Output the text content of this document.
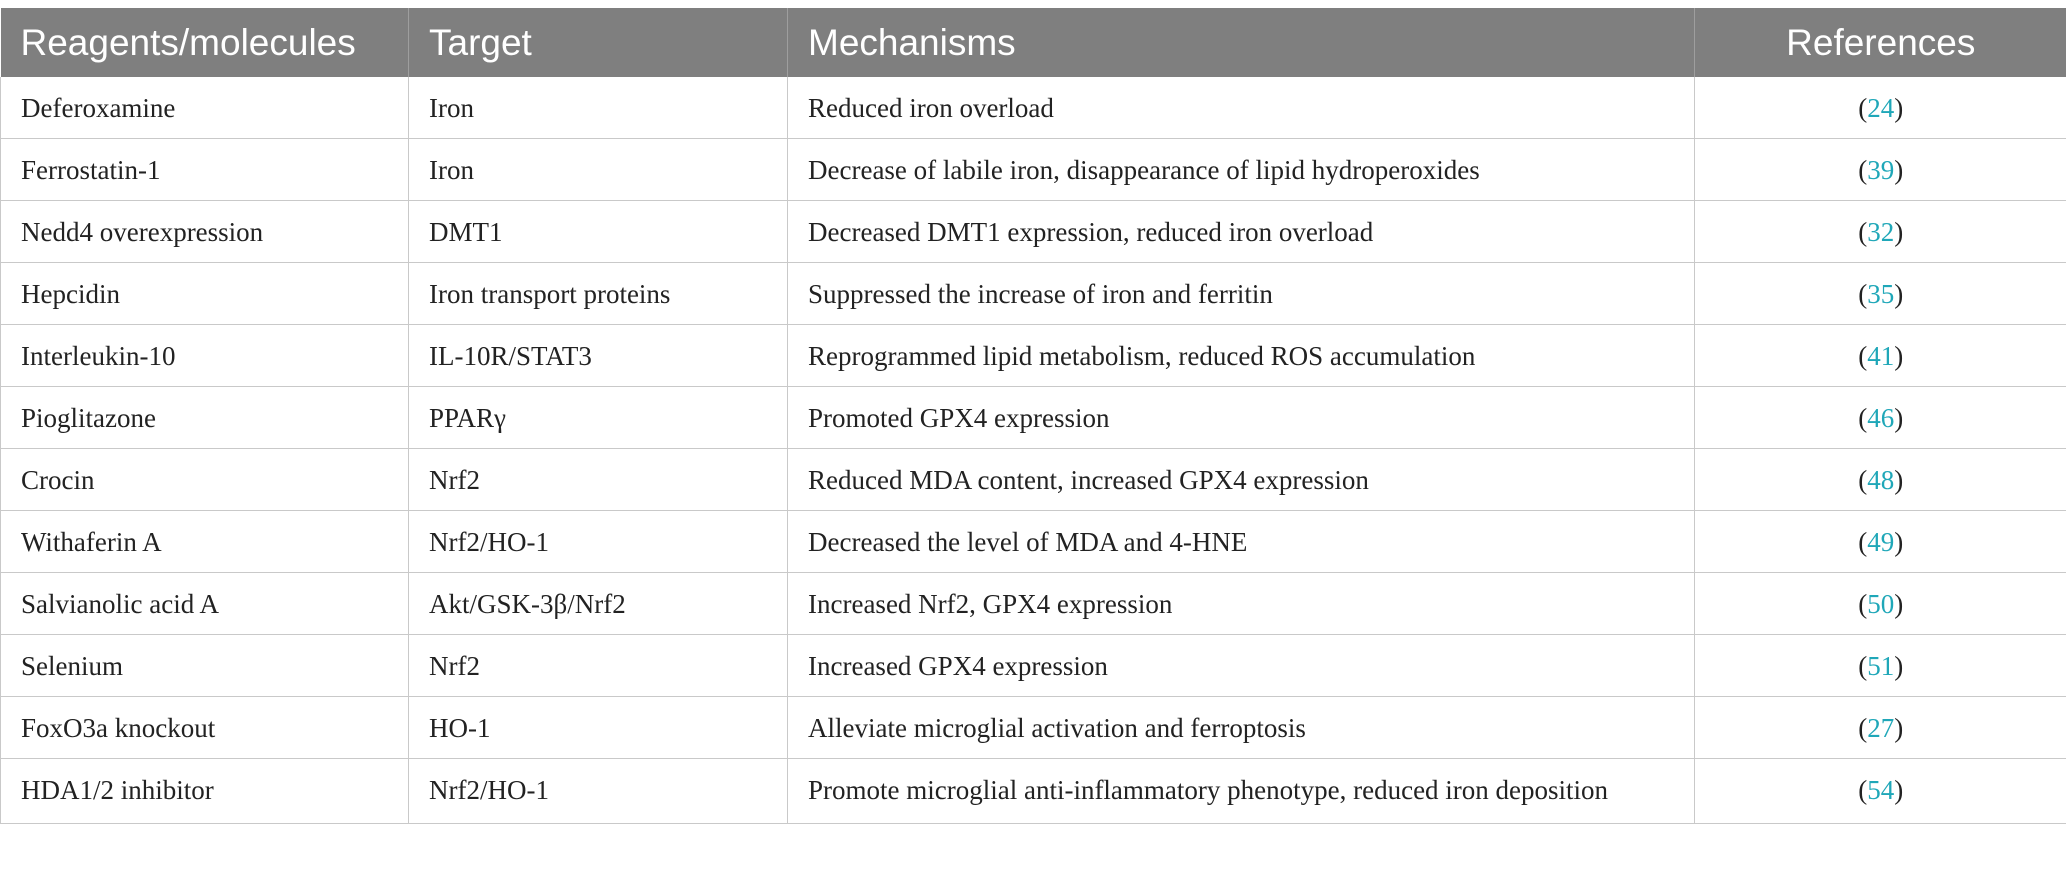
Reagents/molecules	Target	Mechanisms	References
Deferoxamine	Iron	Reduced iron overload	(24)
Ferrostatin-1	Iron	Decrease of labile iron, disappearance of lipid hydroperoxides	(39)
Nedd4 overexpression	DMT1	Decreased DMT1 expression, reduced iron overload	(32)
Hepcidin	Iron transport proteins	Suppressed the increase of iron and ferritin	(35)
Interleukin-10	IL-10R/STAT3	Reprogrammed lipid metabolism, reduced ROS accumulation	(41)
Pioglitazone	PPARγ	Promoted GPX4 expression	(46)
Crocin	Nrf2	Reduced MDA content, increased GPX4 expression	(48)
Withaferin A	Nrf2/HO-1	Decreased the level of MDA and 4-HNE	(49)
Salvianolic acid A	Akt/GSK-3β/Nrf2	Increased Nrf2, GPX4 expression	(50)
Selenium	Nrf2	Increased GPX4 expression	(51)
FoxO3a knockout	HO-1	Alleviate microglial activation and ferroptosis	(27)
HDA1/2 inhibitor	Nrf2/HO-1	Promote microglial anti-inflammatory phenotype, reduced iron deposition	(54)
